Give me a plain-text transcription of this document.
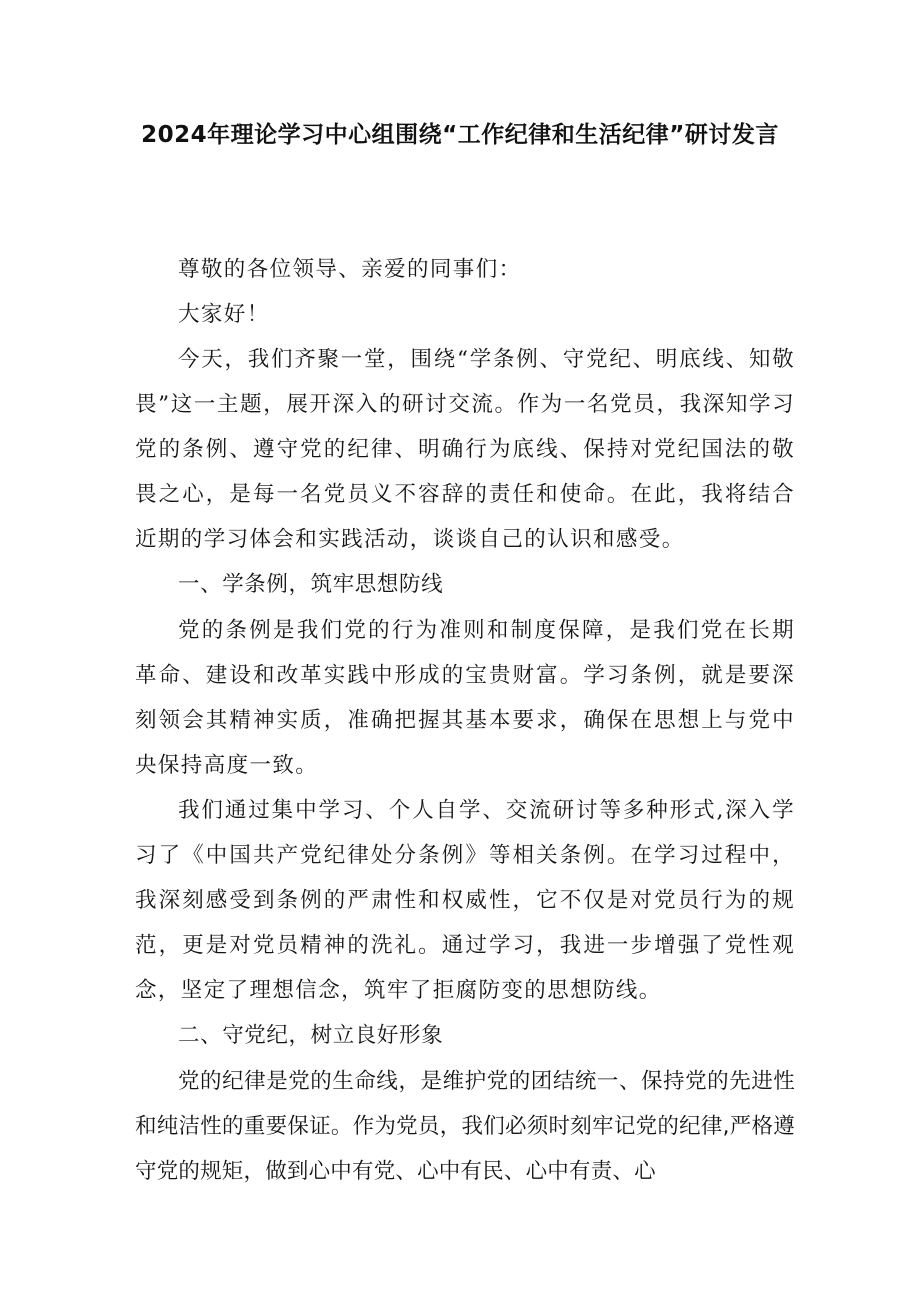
2024年理论学习中心组围绕“工作纪律和生活纪律”研讨发言

尊敬的各位领导、亲爱的同事们：

大家好！

今天，我们齐聚一堂，围绕“学条例、守党纪、明底线、知敬畏”这一主题，展开深入的研讨交流。作为一名党员，我深知学习党的条例、遵守党的纪律、明确行为底线、保持对党纪国法的敬畏之心，是每一名党员义不容辞的责任和使命。在此，我将结合近期的学习体会和实践活动，谈谈自己的认识和感受。

一、学条例，筑牢思想防线

党的条例是我们党的行为准则和制度保障，是我们党在长期革命、建设和改革实践中形成的宝贵财富。学习条例，就是要深刻领会其精神实质，准确把握其基本要求，确保在思想上与党中央保持高度一致。

我们通过集中学习、个人自学、交流研讨等多种形式,深入学习了《中国共产党纪律处分条例》等相关条例。在学习过程中，我深刻感受到条例的严肃性和权威性，它不仅是对党员行为的规范，更是对党员精神的洗礼。通过学习，我进一步增强了党性观念，坚定了理想信念，筑牢了拒腐防变的思想防线。

二、守党纪，树立良好形象

党的纪律是党的生命线，是维护党的团结统一、保持党的先进性和纯洁性的重要保证。作为党员，我们必须时刻牢记党的纪律,严格遵守党的规矩，做到心中有党、心中有民、心中有责、心
